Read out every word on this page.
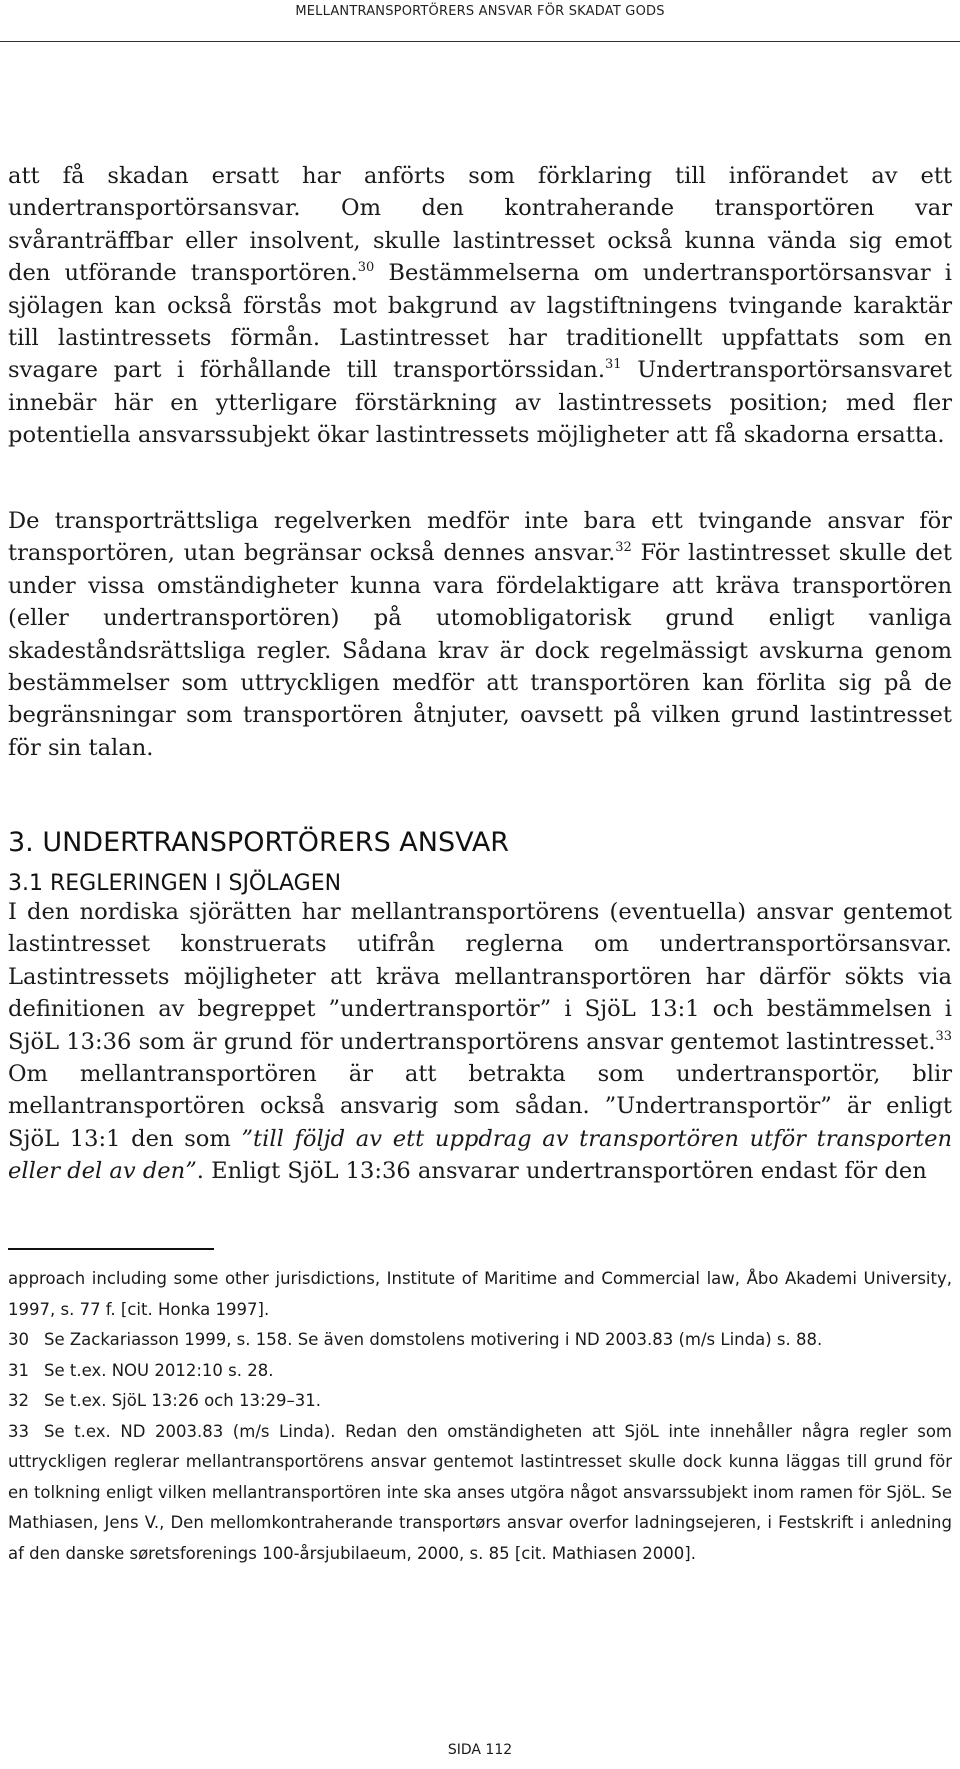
MELLANTRANSPORTÖRERS ANSVAR FÖR SKADAT GODS

att få skadan ersatt har anförts som förklaring till införandet av ett undertransportörsansvar. Om den kontraherande transportören var svåranträffbar eller insolvent, skulle lastintresset också kunna vända sig emot den utförande transportören.$^{30}$ Bestämmelserna om undertransportörsansvar i sjölagen kan också förstås mot bakgrund av lagstiftningens tvingande karaktär till lastintressets förmån. Lastintresset har traditionellt uppfattats som en svagare part i förhållande till transportörssidan.$^{31}$ Undertransportörsansvaret innebär här en ytterligare förstärkning av lastintressets position; med fler potentiella ansvarssubjekt ökar lastintressets möjligheter att få skadorna ersatta.

De transporträttsliga regelverken medför inte bara ett tvingande ansvar för transportören, utan begränsar också dennes ansvar.$^{32}$ För lastintresset skulle det under vissa omständigheter kunna vara fördelaktigare att kräva transportören (eller undertransportören) på utomobligatorisk grund enligt vanliga skadeståndsrättsliga regler. Sådana krav är dock regelmässigt avskurna genom bestämmelser som uttryckligen medför att transportören kan förlita sig på de begränsningar som transportören åtnjuter, oavsett på vilken grund lastintresset för sin talan.

3. UNDERTRANSPORTÖRERS ANSVAR
3.1 REGLERINGEN I SJÖLAGEN

I den nordiska sjörätten har mellantransportörens (eventuella) ansvar gentemot lastintresset konstruerats utifrån reglerna om undertransportörsansvar. Lastintressets möjligheter att kräva mellantransportören har därför sökts via definitionen av begreppet ”undertransportör” i SjöL 13:1 och bestämmelsen i SjöL 13:36 som är grund för undertransportörens ansvar gentemot lastintresset.$^{33}$ Om mellantransportören är att betrakta som undertransportör, blir mellantransportören också ansvarig som sådan. ”Undertransportör” är enligt SjöL 13:1 den som ”till följd av ett uppdrag av transportören utför transporten eller del av den”. Enligt SjöL 13:36 ansvarar undertransportören endast för den

approach including some other jurisdictions, Institute of Maritime and Commercial law, Åbo Akademi University, 1997, s. 77 f. [cit. Honka 1997].

30 Se Zackariasson 1999, s. 158. Se även domstolens motivering i ND 2003.83 (m/s Linda) s. 88.

31 Se t.ex. NOU 2012:10 s. 28.

32 Se t.ex. SjöL 13:26 och 13:29–31.

33 Se t.ex. ND 2003.83 (m/s Linda). Redan den omständigheten att SjöL inte innehåller några regler som uttryckligen reglerar mellantransportörens ansvar gentemot lastintresset skulle dock kunna läggas till grund för en tolkning enligt vilken mellantransportören inte ska anses utgöra något ansvarssubjekt inom ramen för SjöL. Se Mathiasen, Jens V., Den mellomkontraherande transportørs ansvar overfor ladningsejeren, i Festskrift i anledning af den danske søretsforenings 100-årsjubilaeum, 2000, s. 85 [cit. Mathiasen 2000].

SIDA 112
